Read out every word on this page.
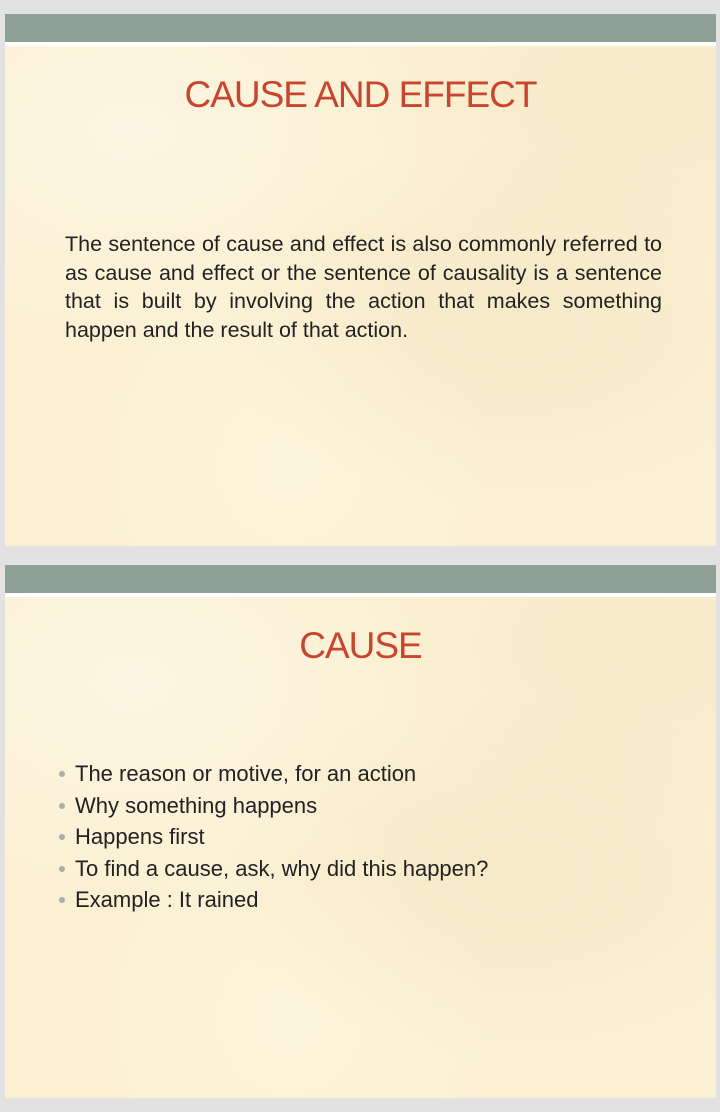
CAUSE AND EFFECT

The sentence of cause and effect is also commonly referred to as cause and effect or the sentence of causality is a sentence that is built by involving the action that makes something happen and the result of that action.

CAUSE
The reason or motive, for an action
Why something happens
Happens first
To find a cause, ask, why did this happen?
Example : It rained
